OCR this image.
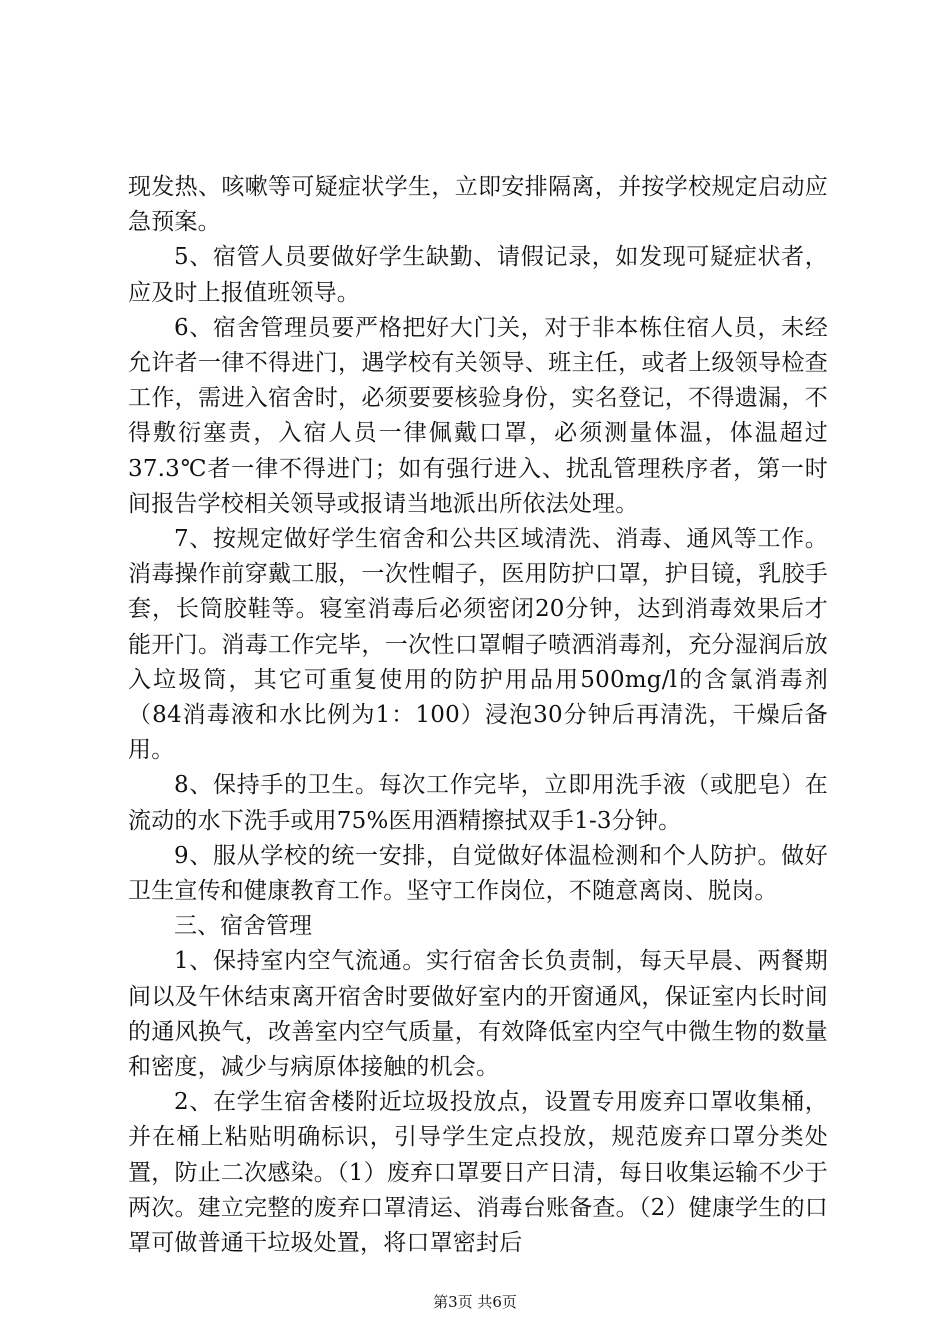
现发热、咳嗽等可疑症状学生，立即安排隔离，并按学校规定启动应急预案。

5、宿管人员要做好学生缺勤、请假记录，如发现可疑症状者，应及时上报值班领导。

6、宿舍管理员要严格把好大门关，对于非本栋住宿人员，未经允许者一律不得进门，遇学校有关领导、班主任，或者上级领导检查工作，需进入宿舍时，必须要要核验身份，实名登记，不得遗漏，不得敷衍塞责，入宿人员一律佩戴口罩，必须测量体温，体温超过37.3℃者一律不得进门；如有强行进入、扰乱管理秩序者，第一时间报告学校相关领导或报请当地派出所依法处理。

7、按规定做好学生宿舍和公共区域清洗、消毒、通风等工作。消毒操作前穿戴工服，一次性帽子，医用防护口罩，护目镜，乳胶手套，长筒胶鞋等。寝室消毒后必须密闭20分钟，达到消毒效果后才能开门。消毒工作完毕，一次性口罩帽子喷洒消毒剂，充分湿润后放入垃圾筒，其它可重复使用的防护用品用500mg/l的含氯消毒剂（84消毒液和水比例为1：100）浸泡30分钟后再清洗，干燥后备用。

8、保持手的卫生。每次工作完毕，立即用洗手液（或肥皂）在流动的水下洗手或用75%医用酒精擦拭双手1-3分钟。

9、服从学校的统一安排，自觉做好体温检测和个人防护。做好卫生宣传和健康教育工作。坚守工作岗位，不随意离岗、脱岗。

三、宿舍管理

1、保持室内空气流通。实行宿舍长负责制，每天早晨、两餐期间以及午休结束离开宿舍时要做好室内的开窗通风，保证室内长时间的通风换气，改善室内空气质量，有效降低室内空气中微生物的数量和密度，减少与病原体接触的机会。

2、在学生宿舍楼附近垃圾投放点，设置专用废弃口罩收集桶，并在桶上粘贴明确标识，引导学生定点投放，规范废弃口罩分类处置，防止二次感染。（1）废弃口罩要日产日清，每日收集运输不少于两次。建立完整的废弃口罩清运、消毒台账备查。（2）健康学生的口罩可做普通干垃圾处置，将口罩密封后

第3页 共6页
